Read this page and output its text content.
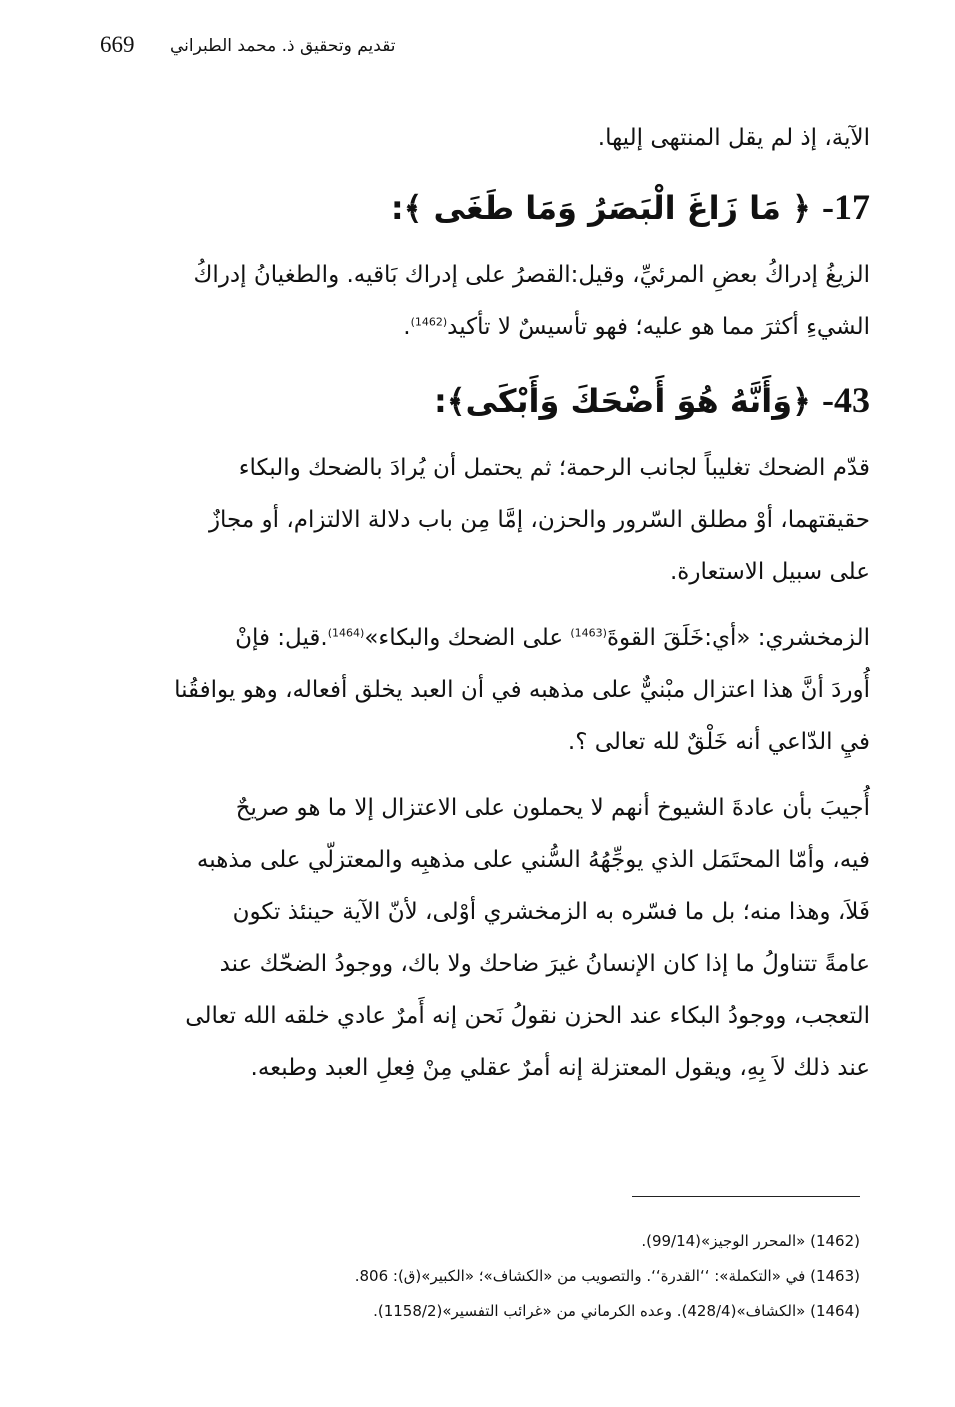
669 تقديم وتحقيق ذ. محمد الطبراني

الآية، إذ لم يقل المنتهى إليها.

17- ﴿ مَا زَاغَ الْبَصَرُ وَمَا طَغَى ﴾:

الزيغُ إدراكُ بعضِ المرئيِّ، وقيل:القصرُ على إدراك بَاقيه. والطغيانُ إدراكُ

الشيءِ أكثرَ مما هو عليه؛ فهو تأسيسٌ لا تأكيد$^{(1462)}$.

43- ﴿وَأَنَّهُ هُوَ أَضْحَكَ وَأَبْكَى﴾:

قدّم الضحك تغليباً لجانب الرحمة؛ ثم يحتمل أن يُرادَ بالضحك والبكاء

حقيقتهما، أوْ مطلق السّرور والحزن، إمَّا مِن باب دلالة الالتزام، أو مجازٌ

على سبيل الاستعارة.

الزمخشري: «أي:خَلَقَ القوةَ$^{(1463)}$ على الضحك والبكاء»$^{(1464)}$.قيل: فإنْ

أُوردَ أنَّ هذا اعتزال مبْنيٌّ على مذهبه في أن العبد يخلق أفعاله، وهو يوافقُنا

فيِ الدّاعي أنه خَلْقٌ لله تعالى ؟.

أُجيبَ بأن عادةَ الشيوخ أنهم لا يحملون على الاعتزال إلا ما هو صريحٌ

فيه، وأمّا المحتَمَل الذي يوجِّهُهُ السُّني على مذهبِه والمعتزلّي على مذهبه

فَلاَ، وهذا منه؛ بل ما فسّره به الزمخشري أوْلى، لأنّ الآية حينئذ تكون

عامةً تتناولُ ما إذا كان الإنسانُ غيرَ ضاحك ولا باك، ووجودُ الضحّك عند

التعجب، ووجودُ البكاء عند الحزن نقولُ نَحن إنه أَمرٌ عادي خلقه الله تعالى

عند ذلك لاَ بِهِ، ويقول المعتزلة إنه أمرٌ عقلي مِنْ فِعلِ العبد وطبعه.

(1462) «المحرر الوجيز»(99/14).

(1463) في «التكملة»: ‘‘القدرة‘‘. والتصويب من «الكشاف»؛ «الكبير»(ق): 806.

(1464) «الكشاف»(428/4). وعده الكرماني من «غرائب التفسير»(1158/2).
